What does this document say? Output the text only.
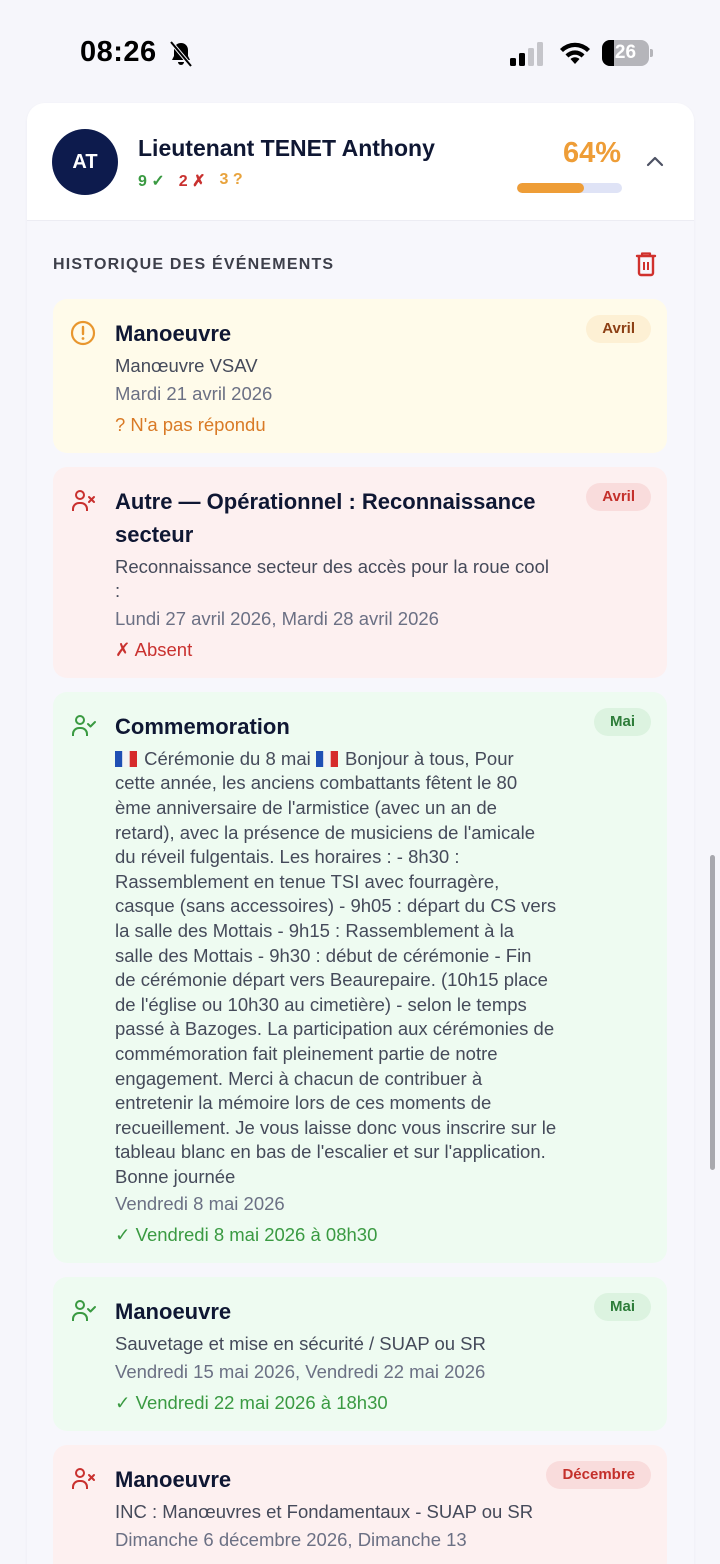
08:26	26
AT
Lieutenant TENET Anthony
9 ✓ 2 ✗ 3 ?
64%
HISTORIQUE DES ÉVÉNEMENTS
Manoeuvre
Manœuvre VSAV
Mardi 21 avril 2026
? N'a pas répondu
Avril
Autre — Opérationnel : Reconnaissance secteur
Reconnaissance secteur des accès pour la roue cool :
Lundi 27 avril 2026, Mardi 28 avril 2026
✗ Absent
Avril
Commemoration
Cérémonie du 8 mai Bonjour à tous, Pour cette année, les anciens combattants fêtent le 80 ème anniversaire de l'armistice (avec un an de retard), avec la présence de musiciens de l'amicale du réveil fulgentais. Les horaires : - 8h30 : Rassemblement en tenue TSI avec fourragère, casque (sans accessoires) - 9h05 : départ du CS vers la salle des Mottais - 9h15 : Rassemblement à la salle des Mottais - 9h30 : début de cérémonie - Fin de cérémonie départ vers Beaurepaire. (10h15 place de l'église ou 10h30 au cimetière) - selon le temps passé à Bazoges. La participation aux cérémonies de commémoration fait pleinement partie de notre engagement. Merci à chacun de contribuer à entretenir la mémoire lors de ces moments de recueillement. Je vous laisse donc vous inscrire sur le tableau blanc en bas de l'escalier et sur l'application. Bonne journée
Vendredi 8 mai 2026
✓ Vendredi 8 mai 2026 à 08h30
Mai
Manoeuvre
Sauvetage et mise en sécurité / SUAP ou SR
Vendredi 15 mai 2026, Vendredi 22 mai 2026
✓ Vendredi 22 mai 2026 à 18h30
Mai
Manoeuvre
INC : Manœuvres et Fondamentaux - SUAP ou SR
Dimanche 6 décembre 2026, Dimanche 13
Décembre
